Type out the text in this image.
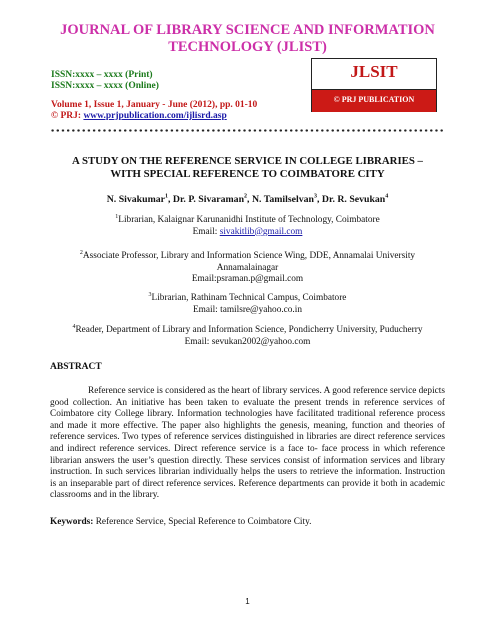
JOURNAL OF LIBRARY SCIENCE AND INFORMATION
TECHNOLOGY (JLIST)
ISSN:xxxx – xxxx (Print)
ISSN:xxxx – xxxx (Online)
Volume 1, Issue 1, January - June (2012), pp. 01-10
© PRJ: www.prjpublication.com/ijlisrd.asp
JLSIT
© PRJ PUBLICATION
A STUDY ON THE REFERENCE SERVICE IN COLLEGE LIBRARIES –
WITH SPECIAL REFERENCE TO COIMBATORE CITY
N. Sivakumar$^1$, Dr. P. Sivaraman$^2$, N. Tamilselvan$^3$, Dr. R. Sevukan$^4$
$^1$Librarian, Kalaignar Karunanidhi Institute of Technology, Coimbatore
Email: sivakitlib@gmail.com
$^2$Associate Professor, Library and Information Science Wing, DDE, Annamalai University
Annamalainagar
Email:psraman.p@gmail.com
$^3$Librarian, Rathinam Technical Campus, Coimbatore
Email: tamilsre@yahoo.co.in
$^4$Reader, Department of Library and Information Science, Pondicherry University, Puducherry
Email: sevukan2002@yahoo.com
ABSTRACT
Reference service is considered as the heart of library services. A good reference service depicts good collection. An initiative has been taken to evaluate the present trends in reference services of Coimbatore city College library. Information technologies have facilitated traditional reference process and made it more effective. The paper also highlights the genesis, meaning, function and theories of reference services. Two types of reference services distinguished in libraries are direct reference services and indirect reference services. Direct reference service is a face to- face process in which reference librarian answers the user’s question directly. These services consist of information services and library instruction. In such services librarian individually helps the users to retrieve the information. Instruction is an inseparable part of direct reference services. Reference departments can provide it both in academic classrooms and in the library.
Keywords: Reference Service, Special Reference to Coimbatore City.
1
